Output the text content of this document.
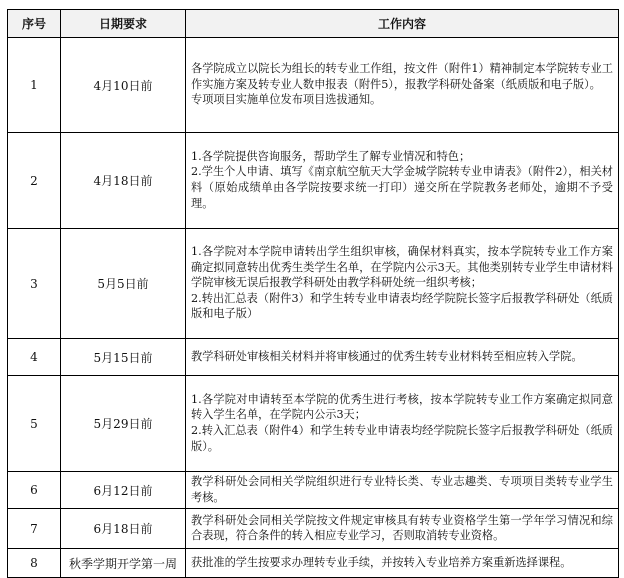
序号	日期要求	工作内容
1	4月10日前	各学院成立以院长为组长的转专业工作组，按文件（附件1）精神制定本学院转专业工作实施方案及转专业人数申报表（附件5），报教学科研处备案（纸质版和电子版）。
专项项目实施单位发布项目选拔通知。

2	4月18日前	1.各学院提供咨询服务，帮助学生了解专业情况和特色；
2.学生个人申请、填写《南京航空航天大学金城学院转专业申请表》（附件2），相关材料（原始成绩单由各学院按要求统一打印）递交所在学院教务老师处，逾期不予受理。

3	5月5日前	1.各学院对本学院申请转出学生组织审核，确保材料真实，按本学院转专业工作方案确定拟同意转出优秀生类学生名单，在学院内公示3天。其他类别转专业学生申请材料学院审核无误后报教学科研处由教学科研处统一组织考核；
2.转出汇总表（附件3）和学生转专业申请表均经学院院长签字后报教学科研处（纸质版和电子版）

4	5月15日前	教学科研处审核相关材料并将审核通过的优秀生转专业材料转至相应转入学院。

5	5月29日前	1.各学院对申请转至本学院的优秀生进行考核，按本学院转专业工作方案确定拟同意转入学生名单，在学院内公示3天；
2.转入汇总表（附件4）和学生转专业申请表均经学院院长签字后报教学科研处（纸质版）。

6	6月12日前	教学科研处会同相关学院组织进行专业特长类、专业志趣类、专项项目类转专业学生考核。

7	6月18日前	教学科研处会同相关学院按文件规定审核具有转专业资格学生第一学年学习情况和综合表现，符合条件的转入相应专业学习，否则取消转专业资格。

8	秋季学期开学第一周	获批准的学生按要求办理转专业手续，并按转入专业培养方案重新选择课程。
